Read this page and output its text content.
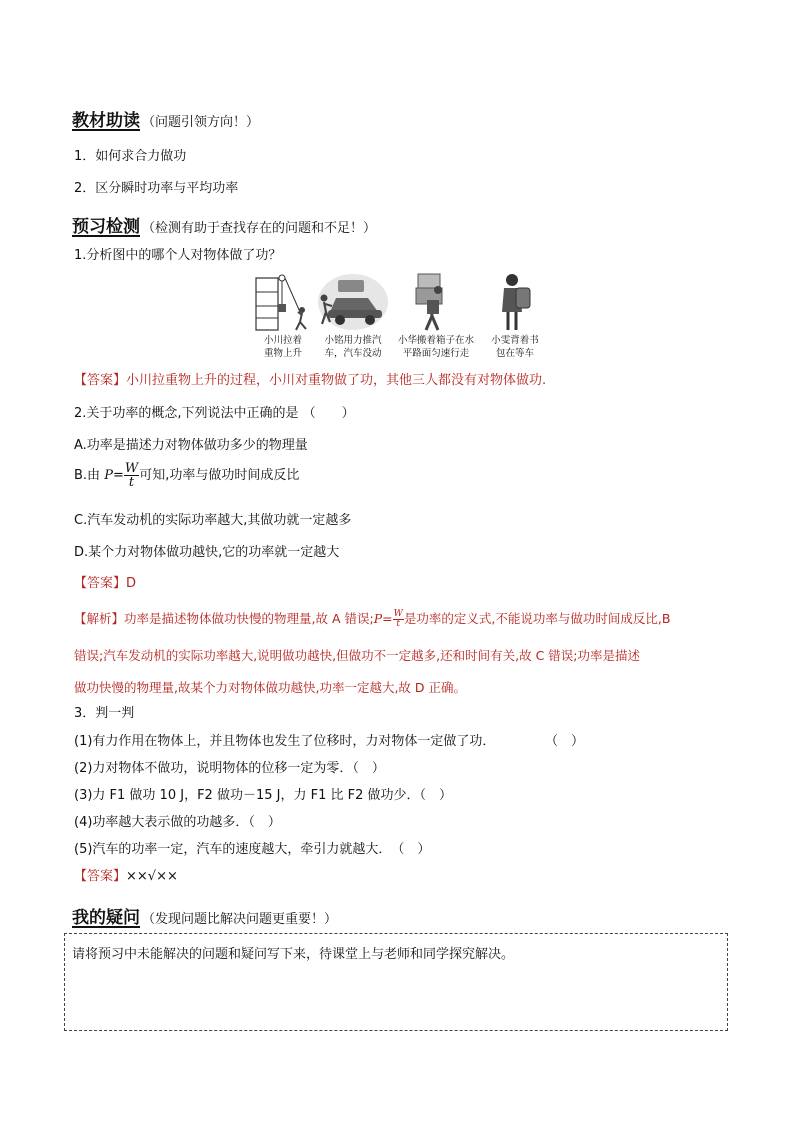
教材助读 （问题引领方向！）
1．如何求合力做功
2．区分瞬时功率与平均功率
预习检测 （检测有助于查找存在的问题和不足！）
1.分析图中的哪个人对物体做了功？
小川拉着
重物上升
小铭用力推汽
车，汽车没动
小华搬着箱子在水
平路面匀速行走
小雯背着书
包在等车
【答案】小川拉重物上升的过程，小川对重物做了功，其他三人都没有对物体做功.
2.关于功率的概念,下列说法中正确的是 （　　）
A.功率是描述力对物体做功多少的物理量
B.由 $P= \frac{W}{t}$ 可知,功率与做功时间成反比
C.汽车发动机的实际功率越大,其做功就一定越多
D.某个力对物体做功越快,它的功率就一定越大
【答案】D
【解析】功率是描述物体做功快慢的物理量,故 A 错误;P= $\frac{W}{t}$ 是功率的定义式,不能说功率与做功时间成反比,B
错误;汽车发动机的实际功率越大,说明做功越快,但做功不一定越多,还和时间有关,故 C 错误;功率是描述
做功快慢的物理量,故某个力对物体做功越快,功率一定越大,故 D 正确。
3．判一判
(1)有力作用在物体上，并且物体也发生了位移时，力对物体一定做了功．　　　　 （　）
(2)力对物体不做功，说明物体的位移一定为零．（　）
(3)力 F1 做功 10 J，F2 做功－15 J，力 F1 比 F2 做功少．（　）
(4)功率越大表示做的功越多．（　）
(5)汽车的功率一定，汽车的速度越大，牵引力就越大．　（　）
【答案】××√××
我的疑问 （发现问题比解决问题更重要！）
请将预习中未能解决的问题和疑问写下来，待课堂上与老师和同学探究解决。
